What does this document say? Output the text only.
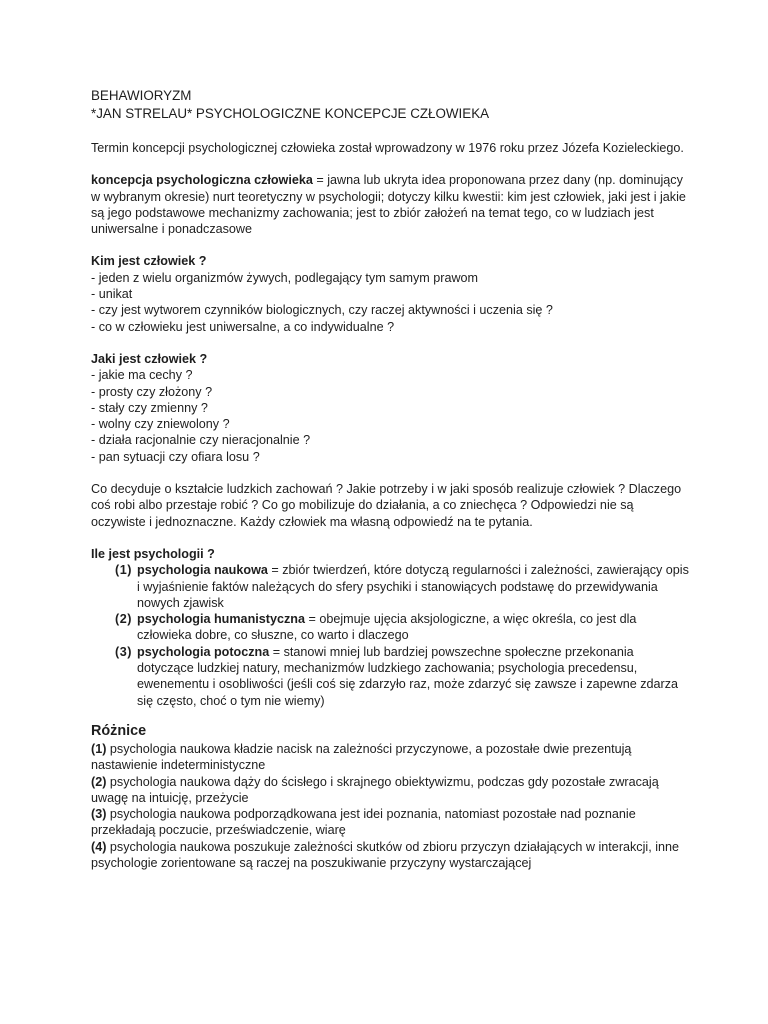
BEHAWIORYZM

*JAN STRELAU* PSYCHOLOGICZNE KONCEPCJE CZŁOWIEKA

Termin koncepcji psychologicznej człowieka został wprowadzony w 1976 roku przez Józefa Kozieleckiego.

koncepcja psychologiczna człowieka = jawna lub ukryta idea proponowana przez dany (np. dominujący w wybranym okresie) nurt teoretyczny w psychologii; dotyczy kilku kwestii: kim jest człowiek, jaki jest i jakie są jego podstawowe mechanizmy zachowania; jest to zbiór założeń na temat tego, co w ludziach jest uniwersalne i ponadczasowe

Kim jest człowiek ?

- jeden z wielu organizmów żywych, podlegający tym samym prawom

- unikat

- czy jest wytworem czynników biologicznych, czy raczej aktywności i uczenia się ?

- co w człowieku jest uniwersalne, a co indywidualne ?

Jaki jest człowiek ?

- jakie ma cechy ?

- prosty czy złożony ?

- stały czy zmienny ?

- wolny czy zniewolony ?

- działa racjonalnie czy nieracjonalnie ?

- pan sytuacji czy ofiara losu ?

Co decyduje o kształcie ludzkich zachowań ? Jakie potrzeby i w jaki sposób realizuje człowiek ? Dlaczego coś robi albo przestaje robić ? Co go mobilizuje do działania, a co zniechęca ? Odpowiedzi nie są oczywiste i jednoznaczne. Każdy człowiek ma własną odpowiedź na te pytania.

Ile jest psychologii ?

(1) psychologia naukowa = zbiór twierdzeń, które dotyczą regularności i zależności, zawierający opis i wyjaśnienie faktów należących do sfery psychiki i stanowiących podstawę do przewidywania nowych zjawisk
(2) psychologia humanistyczna = obejmuje ujęcia aksjologiczne, a więc określa, co jest dla człowieka dobre, co słuszne, co warto i dlaczego
(3) psychologia potoczna = stanowi mniej lub bardziej powszechne społeczne przekonania dotyczące ludzkiej natury, mechanizmów ludzkiego zachowania; psychologia precedensu, ewenementu i osobliwości (jeśli coś się zdarzyło raz, może zdarzyć się zawsze i zapewne zdarza się często, choć o tym nie wiemy)

Różnice

(1) psychologia naukowa kładzie nacisk na zależności przyczynowe, a pozostałe dwie prezentują nastawienie indeterministyczne

(2) psychologia naukowa dąży do ścisłego i skrajnego obiektywizmu, podczas gdy pozostałe zwracają uwagę na intuicję, przeżycie

(3) psychologia naukowa podporządkowana jest idei poznania, natomiast pozostałe nad poznanie przekładają poczucie, przeświadczenie, wiarę

(4) psychologia naukowa poszukuje zależności skutków od zbioru przyczyn działających w interakcji, inne psychologie zorientowane są raczej na poszukiwanie przyczyny wystarczającej
